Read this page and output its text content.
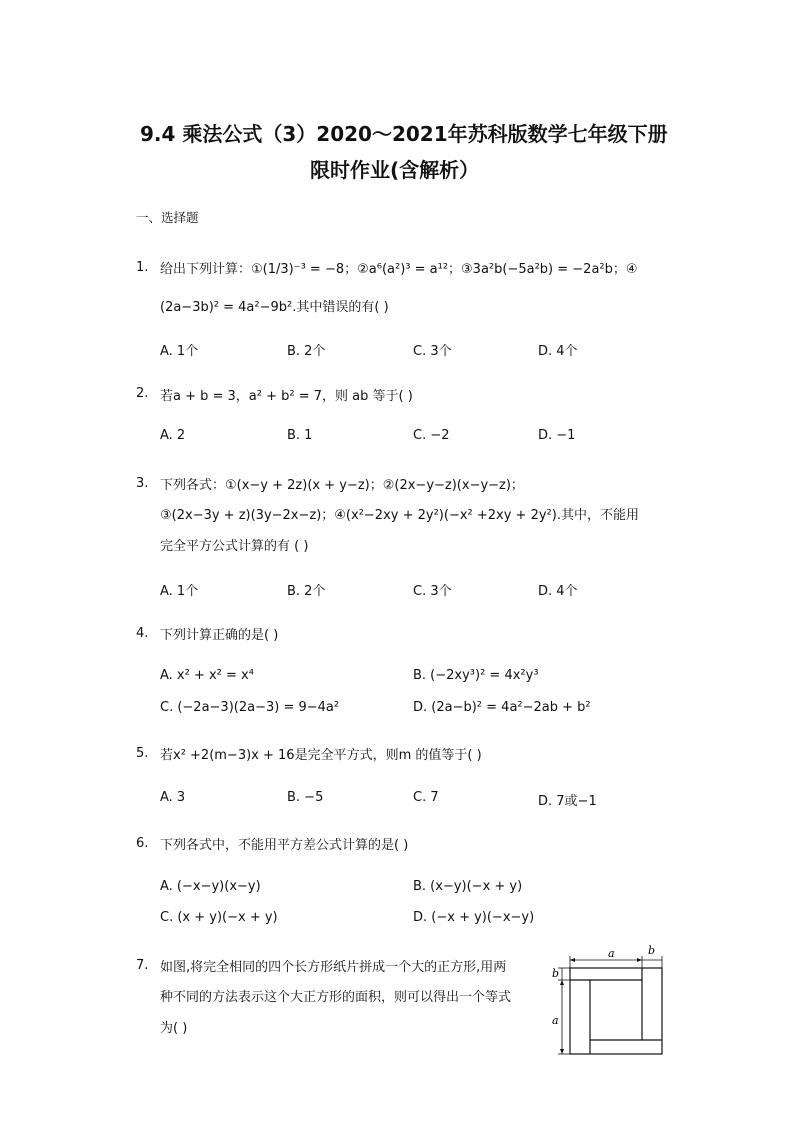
9.4 乘法公式（3）2020～2021年苏科版数学七年级下册
限时作业(含解析）
一、选择题
1. 给出下列计算：①(1/3)⁻³ = −8；②a⁶(a²)³ = a¹²；③3a²b(−5a²b) = −2a²b；④
(2a−3b)² = 4a²−9b².其中错误的有( )
A. 1个	B. 2个	C. 3个	D. 4个
2. 若a + b = 3，a² + b² = 7，则 ab 等于( )
A. 2	B. 1	C. −2	D. −1
3. 下列各式：①(x−y + 2z)(x + y−z)；②(2x−y−z)(x−y−z)；
③(2x−3y + z)(3y−2x−z)；④(x²−2xy + 2y²)(−x² +2xy + 2y²).其中，不能用
完全平方公式计算的有 ( )
A. 1个	B. 2个	C. 3个	D. 4个
4. 下列计算正确的是( )
A. x² + x² = x⁴	B. (−2xy³)² = 4x²y³
C. (−2a−3)(2a−3) = 9−4a²	D. (2a−b)² = 4a²−2ab + b²
5. 若x² +2(m−3)x + 16是完全平方式，则m 的值等于( )
A. 3	B. −5	C. 7	D. 7或−1
6. 下列各式中，不能用平方差公式计算的是( )
A. (−x−y)(x−y)	B. (x−y)(−x + y)
C. (x + y)(−x + y)	D. (−x + y)(−x−y)
7. 如图,将完全相同的四个长方形纸片拼成一个大的正方形,用两
种不同的方法表示这个大正方形的面积，则可以得出一个等式
为( )
a	b
b
a
